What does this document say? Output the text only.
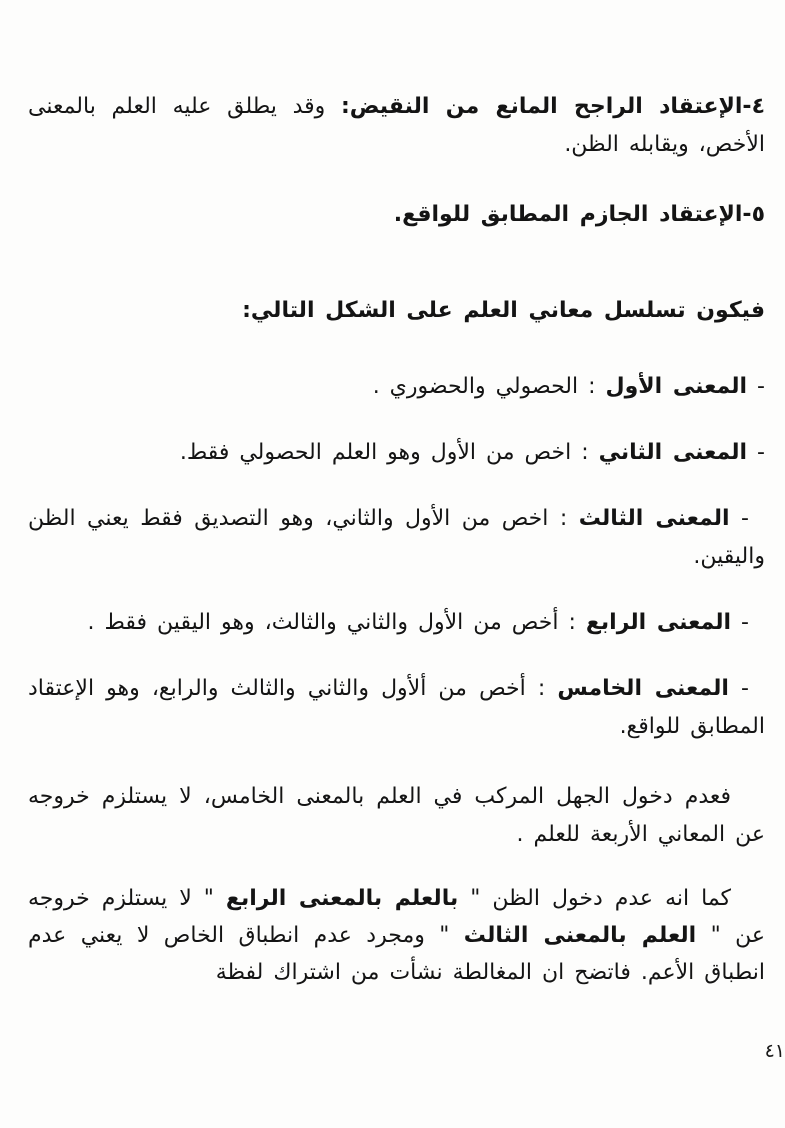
٤-الإعتقاد الراجح المانع من النقيض: وقد يطلق عليه العلم بالمعنى الأخص، ويقابله الظن.

٥-الإعتقاد الجازم المطابق للواقع.

فيكون تسلسل معاني العلم على الشكل التالي:

- المعنى الأول : الحصولي والحضوري .

- المعنى الثاني : اخص من الأول وهو العلم الحصولي فقط.

- المعنى الثالث : اخص من الأول والثاني، وهو التصديق فقط يعني الظن واليقين.

- المعنى الرابع : أخص من الأول والثاني والثالث، وهو اليقين فقط .

- المعنى الخامس : أخص من ألأول والثاني والثالث والرابع، وهو الإعتقاد المطابق للواقع.

فعدم دخول الجهل المركب في العلم بالمعنى الخامس، لا يستلزم خروجه عن المعاني الأربعة للعلم .

كما انه عدم دخول الظن " بالعلم بالمعنى الرابع " لا يستلزم خروجه عن " العلم بالمعنى الثالث " ومجرد عدم انطباق الخاص لا يعني عدم انطباق الأعم. فاتضح ان المغالطة نشأت من اشتراك لفظة

٤١
